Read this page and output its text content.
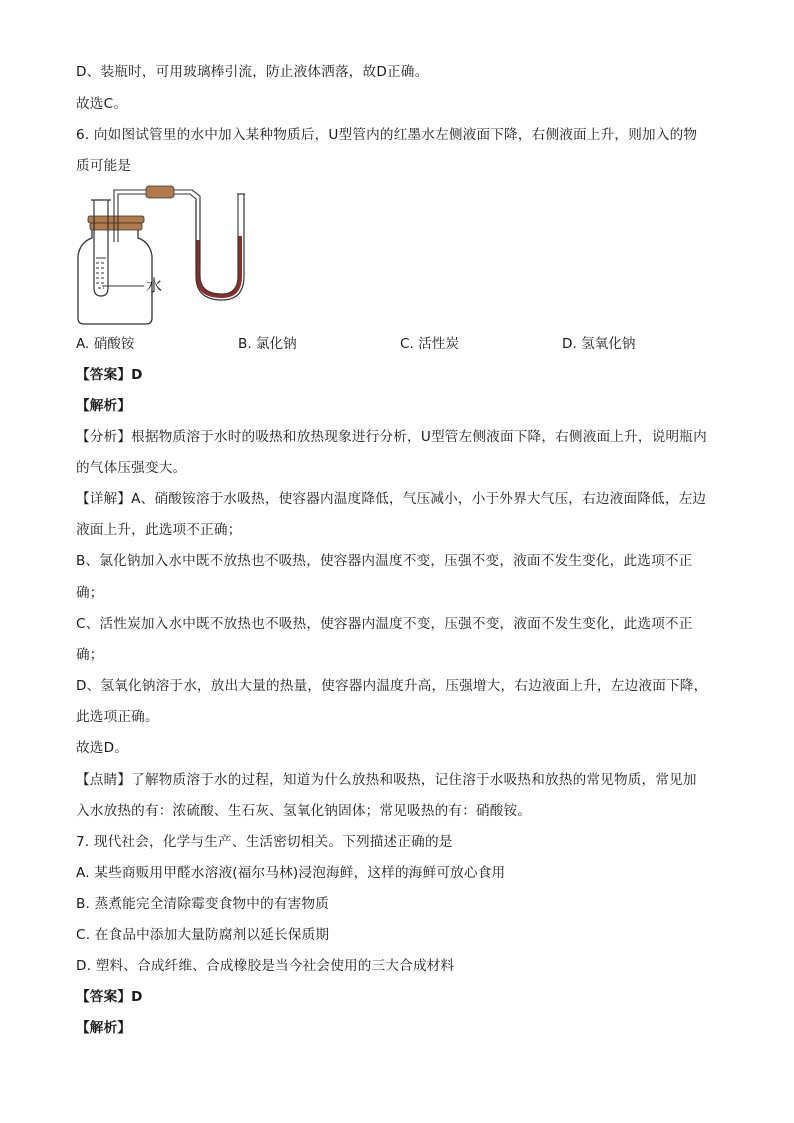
D、装瓶时，可用玻璃棒引流，防止液体洒落，故D正确。
故选C。
6. 向如图试管里的水中加入某种物质后，U型管内的红墨水左侧液面下降，右侧液面上升，则加入的物
质可能是
水
A. 硝酸铵	B. 氯化钠	C. 活性炭	D. 氢氧化钠
【答案】D
【解析】
【分析】根据物质溶于水时的吸热和放热现象进行分析，U型管左侧液面下降，右侧液面上升，说明瓶内
的气体压强变大。
【详解】A、硝酸铵溶于水吸热，使容器内温度降低，气压减小，小于外界大气压，右边液面降低，左边
液面上升，此选项不正确；
B、氯化钠加入水中既不放热也不吸热，使容器内温度不变，压强不变，液面不发生变化，此选项不正
确；
C、活性炭加入水中既不放热也不吸热，使容器内温度不变，压强不变，液面不发生变化，此选项不正
确；
D、氢氧化钠溶于水，放出大量的热量，使容器内温度升高，压强增大，右边液面上升，左边液面下降，
此选项正确。
故选D。
【点睛】了解物质溶于水的过程，知道为什么放热和吸热，记住溶于水吸热和放热的常见物质，常见加
入水放热的有：浓硫酸、生石灰、氢氧化钠固体；常见吸热的有：硝酸铵。
7. 现代社会，化学与生产、生活密切相关。下列描述正确的是
A. 某些商贩用甲醛水溶液(福尔马林)浸泡海鲜，这样的海鲜可放心食用
B. 蒸煮能完全清除霉变食物中的有害物质
C. 在食品中添加大量防腐剂以延长保质期
D. 塑料、合成纤维、合成橡胶是当今社会使用的三大合成材料
【答案】D
【解析】
